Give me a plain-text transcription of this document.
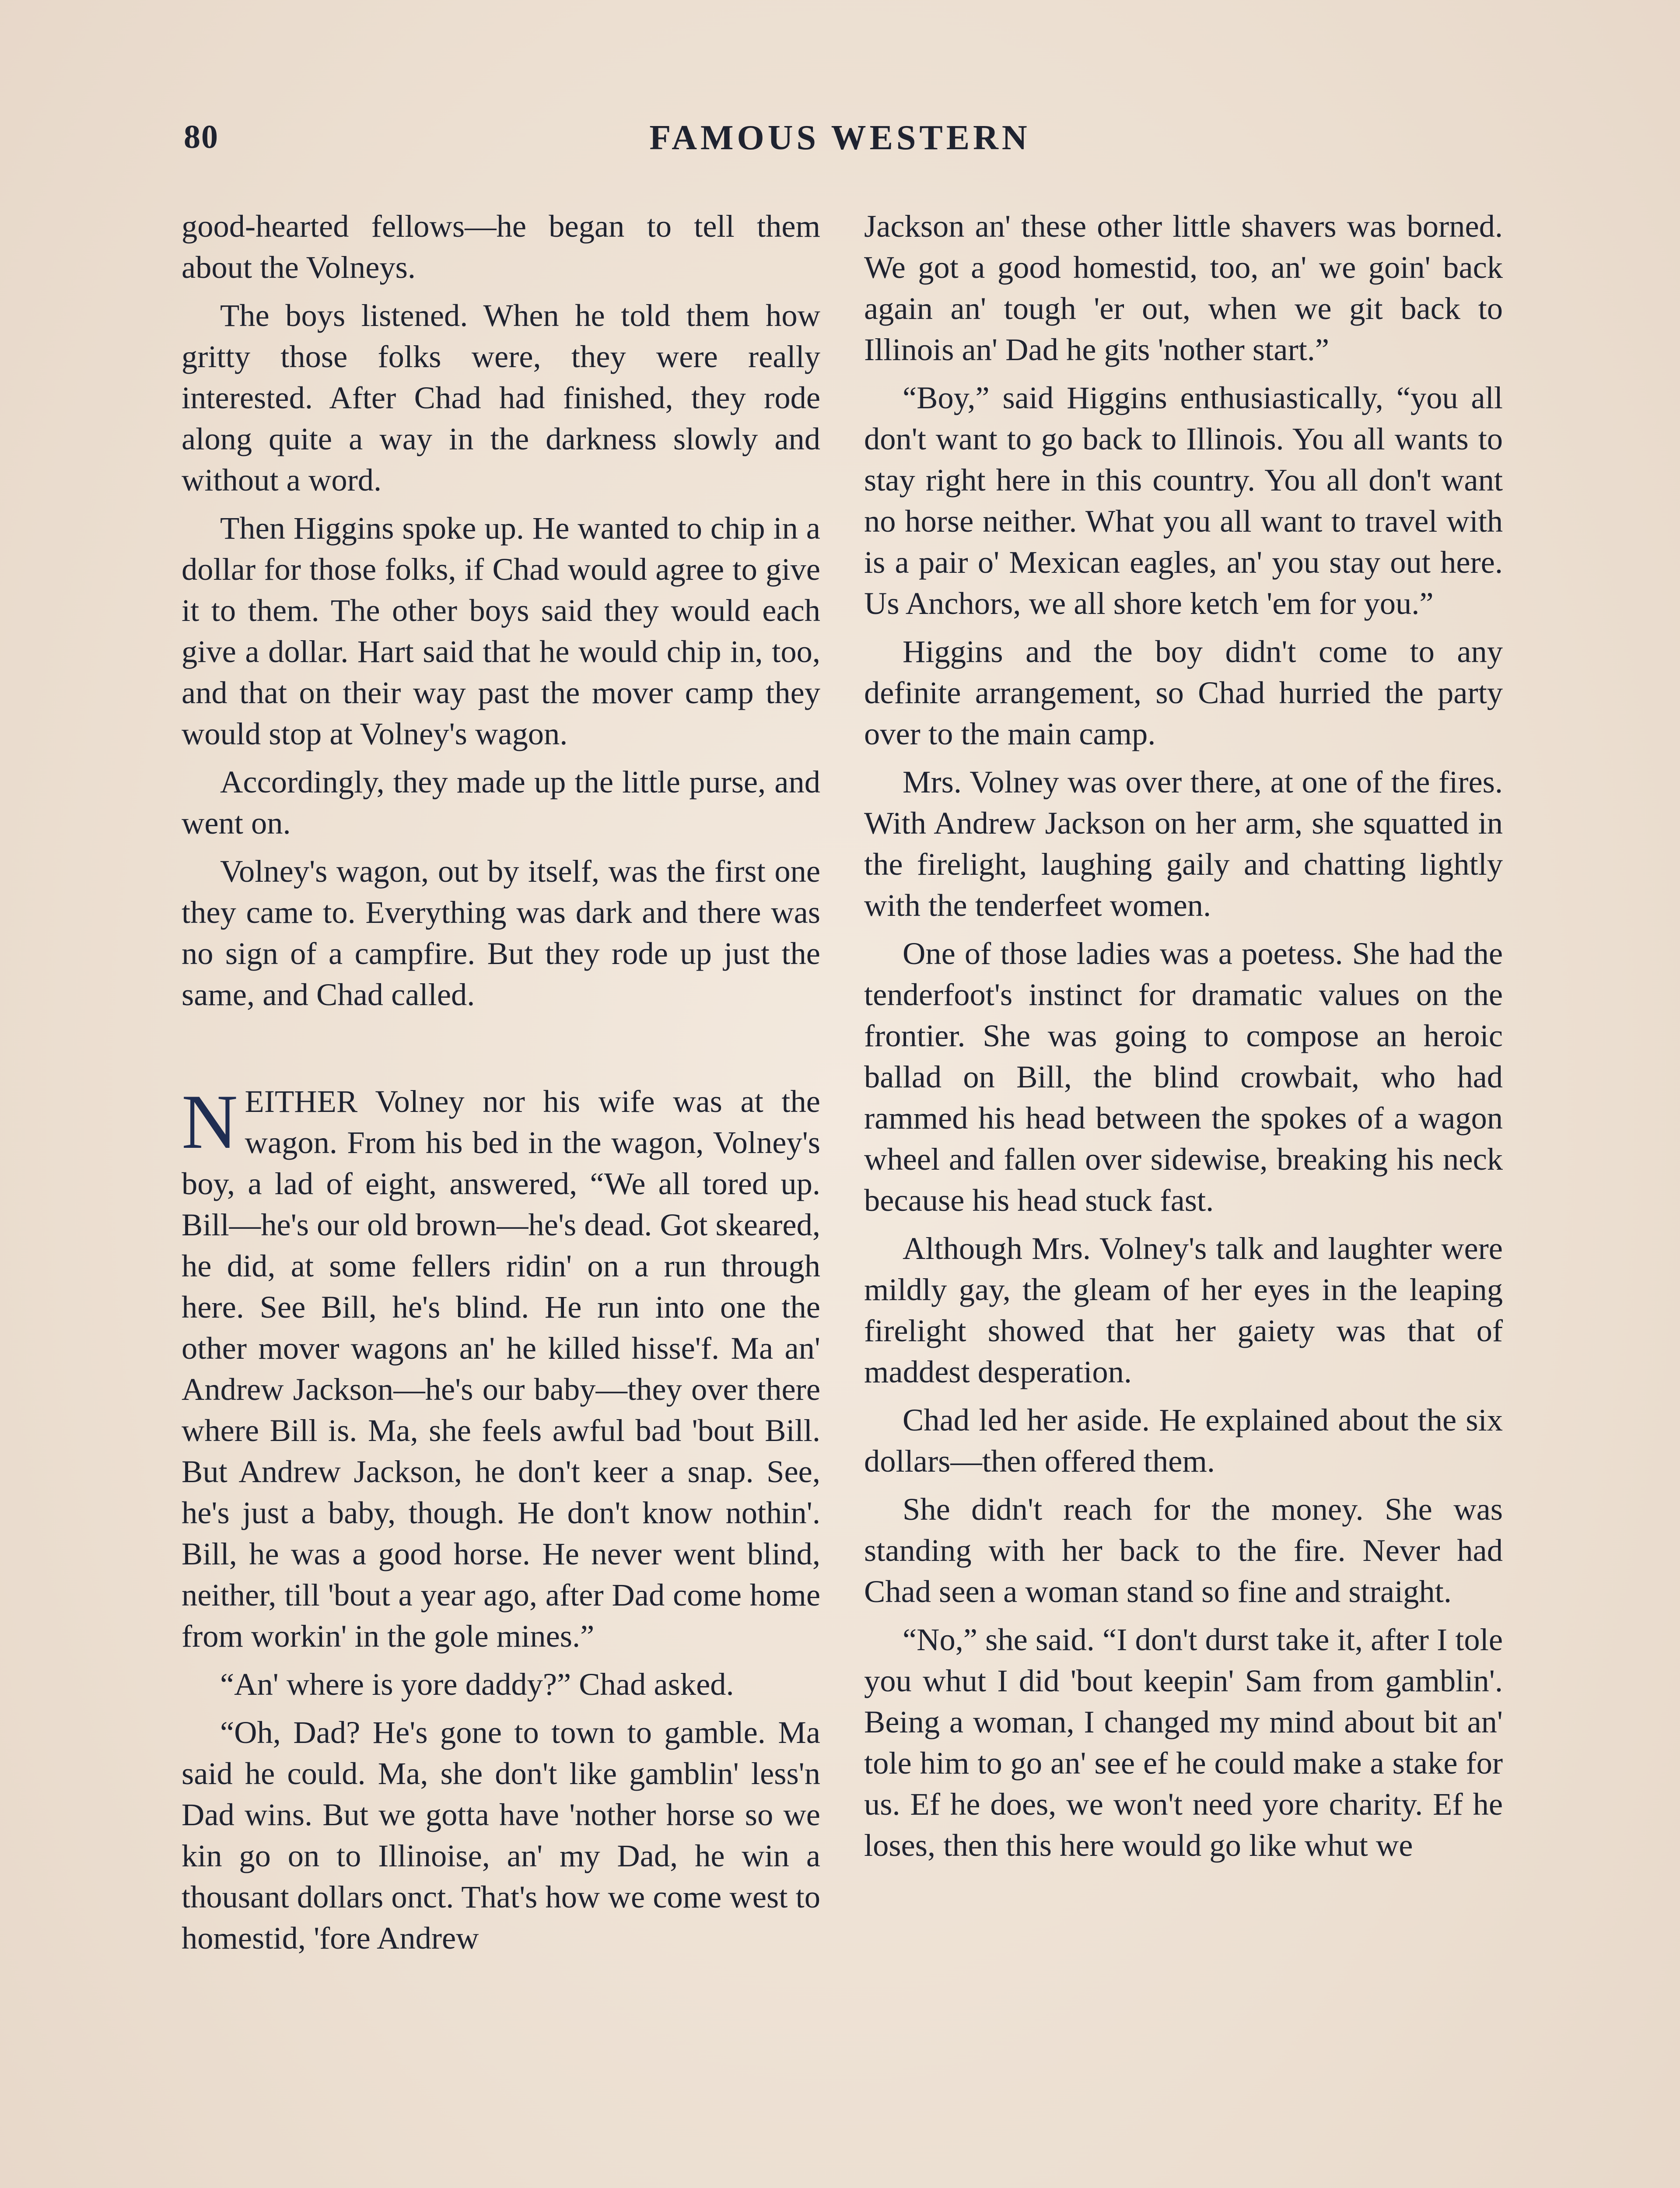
80	FAMOUS WESTERN

good-hearted fellows—he began to tell them about the Volneys.

The boys listened. When he told them how gritty those folks were, they were really interested. After Chad had finished, they rode along quite a way in the darkness slowly and without a word.

Then Higgins spoke up. He wanted to chip in a dollar for those folks, if Chad would agree to give it to them. The other boys said they would each give a dollar. Hart said that he would chip in, too, and that on their way past the mover camp they would stop at Volney's wagon.

Accordingly, they made up the little purse, and went on.

Volney's wagon, out by itself, was the first one they came to. Everything was dark and there was no sign of a campfire. But they rode up just the same, and Chad called.

NEITHER Volney nor his wife was at the wagon. From his bed in the wagon, Volney's boy, a lad of eight, answered, “We all tored up. Bill—he's our old brown—he's dead. Got skeared, he did, at some fellers ridin' on a run through here. See Bill, he's blind. He run into one the other mover wagons an' he killed hisse'f. Ma an' Andrew Jackson—he's our baby—they over there where Bill is. Ma, she feels awful bad 'bout Bill. But Andrew Jackson, he don't keer a snap. See, he's just a baby, though. He don't know nothin'. Bill, he was a good horse. He never went blind, neither, till 'bout a year ago, after Dad come home from workin' in the gole mines.”

“An' where is yore daddy?” Chad asked.

“Oh, Dad? He's gone to town to gamble. Ma said he could. Ma, she don't like gamblin' less'n Dad wins. But we gotta have 'nother horse so we kin go on to Illinoise, an' my Dad, he win a thousant dollars onct. That's how we come west to homestid, 'fore Andrew

Jackson an' these other little shavers was borned. We got a good homestid, too, an' we goin' back again an' tough 'er out, when we git back to Illinois an' Dad he gits 'nother start.”

“Boy,” said Higgins enthusiastically, “you all don't want to go back to Illinois. You all wants to stay right here in this country. You all don't want no horse neither. What you all want to travel with is a pair o' Mexican eagles, an' you stay out here. Us Anchors, we all shore ketch 'em for you.”

Higgins and the boy didn't come to any definite arrangement, so Chad hurried the party over to the main camp.

Mrs. Volney was over there, at one of the fires. With Andrew Jackson on her arm, she squatted in the firelight, laughing gaily and chatting lightly with the tenderfeet women.

One of those ladies was a poetess. She had the tenderfoot's instinct for dramatic values on the frontier. She was going to compose an heroic ballad on Bill, the blind crowbait, who had rammed his head between the spokes of a wagon wheel and fallen over sidewise, breaking his neck because his head stuck fast.

Although Mrs. Volney's talk and laughter were mildly gay, the gleam of her eyes in the leaping firelight showed that her gaiety was that of maddest desperation.

Chad led her aside. He explained about the six dollars—then offered them.

She didn't reach for the money. She was standing with her back to the fire. Never had Chad seen a woman stand so fine and straight.

“No,” she said. “I don't durst take it, after I tole you whut I did 'bout keepin' Sam from gamblin'. Being a woman, I changed my mind about bit an' tole him to go an' see ef he could make a stake for us. Ef he does, we won't need yore charity. Ef he loses, then this here would go like whut we
